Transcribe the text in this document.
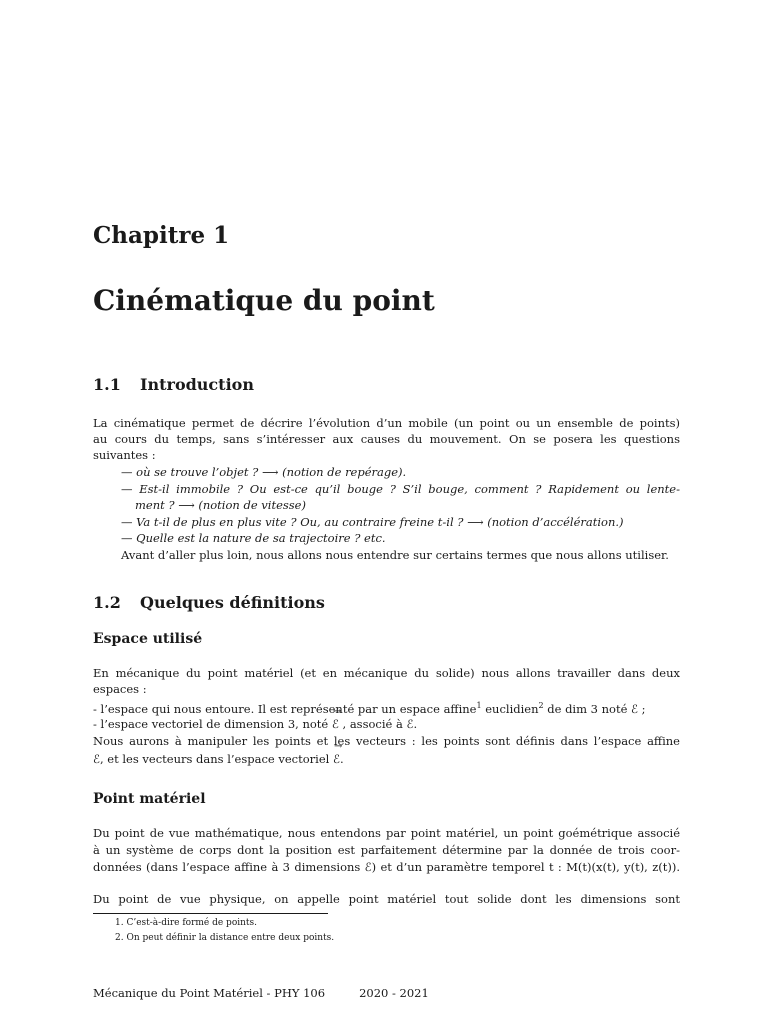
Chapitre 1
Cinématique du point
1.1 Introduction
La cinématique permet de décrire l’évolution d’un mobile (un point ou un ensemble de points)
au cours du temps, sans s’intéresser aux causes du mouvement. On se posera les questions
suivantes :
— où se trouve l’objet ? ⟶ (notion de repérage).
— Est-il immobile ? Ou est-ce qu’il bouge ? S’il bouge, comment ? Rapidement ou lente-
ment ? ⟶ (notion de vitesse)
— Va t-il de plus en plus vite ? Ou, au contraire freine t-il ? ⟶ (notion d’accélération.)
— Quelle est la nature de sa trajectoire ? etc.
Avant d’aller plus loin, nous allons nous entendre sur certains termes que nous allons utiliser.
1.2 Quelques définitions
Espace utilisé
En mécanique du point matériel (et en mécanique du solide) nous allons travailler dans deux
espaces :
- l’espace qui nous entoure. Il est représenté par un espace affine$^1$ euclidien$^2$ de dim 3 noté ℰ ;
- l’espace vectoriel de dimension 3, noté → ℰ , associé à ℰ.
Nous aurons à manipuler les points et les vecteurs : les points sont définis dans l’espace affine
ℰ, et les vecteurs dans l’espace vectoriel → ℰ.
Point matériel
Du point de vue mathématique, nous entendons par point matériel, un point goémétrique associé
à un système de corps dont la position est parfaitement détermine par la donnée de trois coor-
données (dans l’espace affine à 3 dimensions ℰ) et d’un paramètre temporel t : M(t)(x(t), y(t), z(t)).
Du point de vue physique, on appelle point matériel tout solide dont les dimensions sont
1. C’est-à-dire formé de points.
2. On peut définir la distance entre deux points.
Mécanique du Point Matériel - PHY 106	2020 - 2021
